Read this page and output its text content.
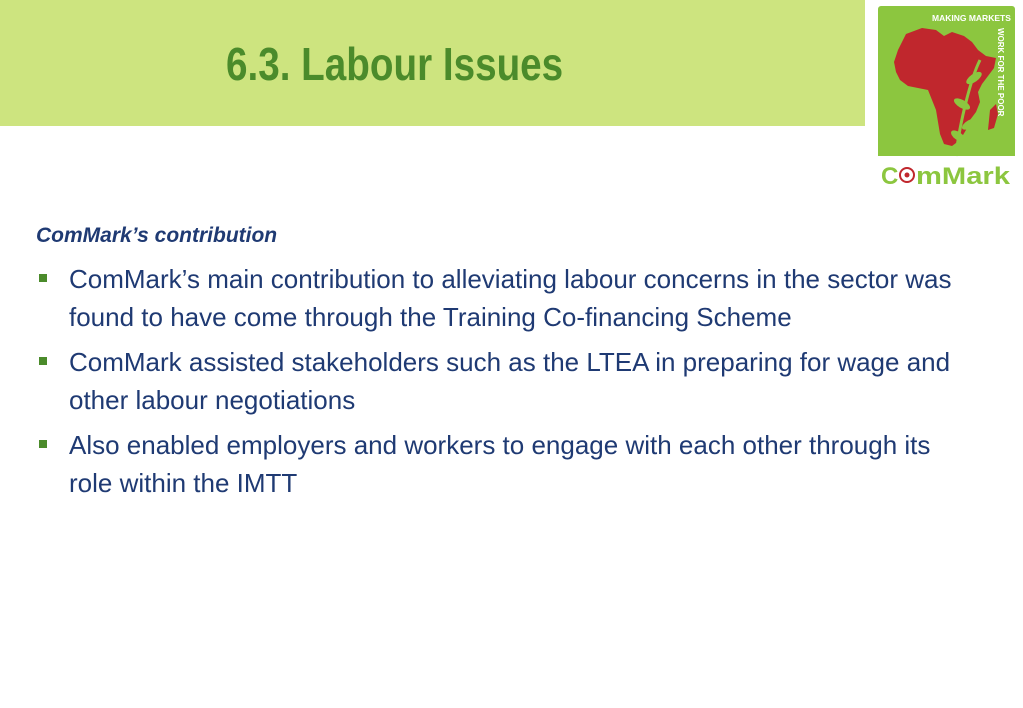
6.3. Labour Issues
MAKING MARKETS
WORK FOR THE POOR
C mMark

ComMark’s contribution

ComMark’s main contribution to alleviating labour concerns in the sector was found to have come through the Training Co-financing Scheme
ComMark assisted stakeholders such as the LTEA in preparing for wage and other labour negotiations
Also enabled employers and workers to engage with each other through its role within the IMTT
